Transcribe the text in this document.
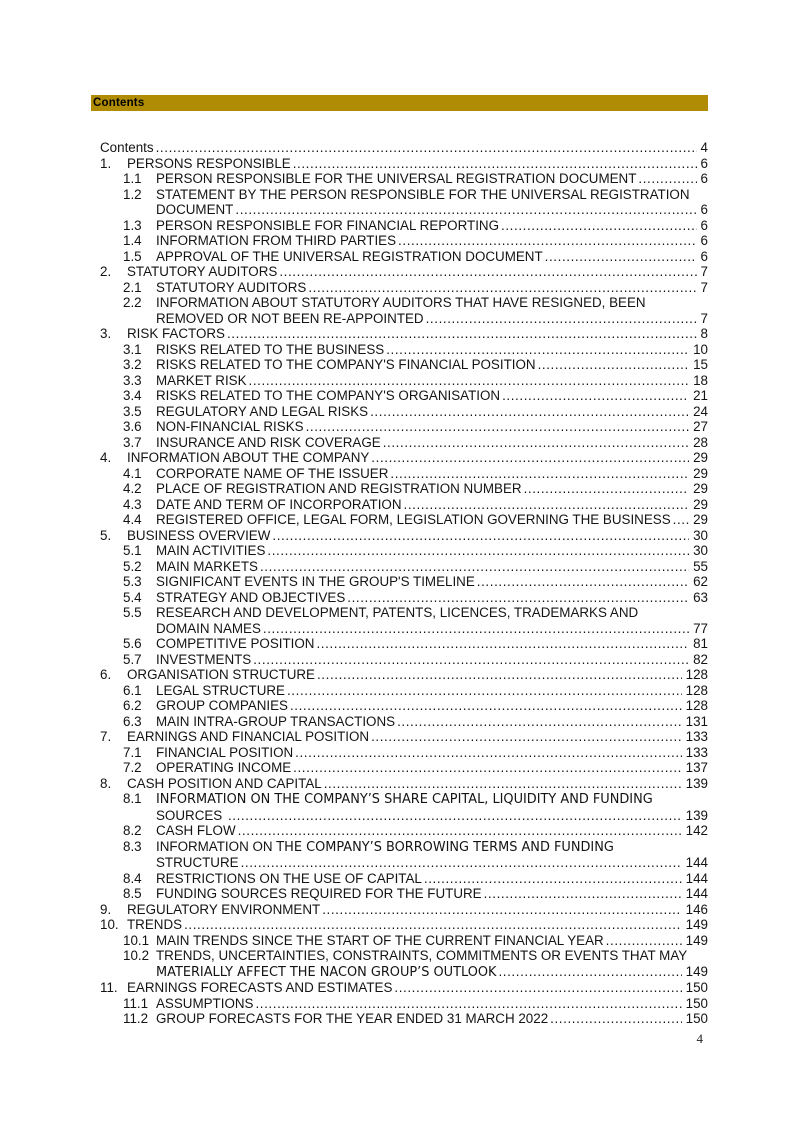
Contents
Contents .....	4
1.	PERSONS RESPONSIBLE .....	6
1.1	PERSON RESPONSIBLE FOR THE UNIVERSAL REGISTRATION DOCUMENT .....	6
1.2	STATEMENT BY THE PERSON RESPONSIBLE FOR THE UNIVERSAL REGISTRATION
DOCUMENT .....	6
1.3	PERSON RESPONSIBLE FOR FINANCIAL REPORTING .....	6
1.4	INFORMATION FROM THIRD PARTIES .....	6
1.5	APPROVAL OF THE UNIVERSAL REGISTRATION DOCUMENT .....	6
2.	STATUTORY AUDITORS .....	7
2.1	STATUTORY AUDITORS .....	7
2.2	INFORMATION ABOUT STATUTORY AUDITORS THAT HAVE RESIGNED, BEEN
REMOVED OR NOT BEEN RE-APPOINTED .....	7
3.	RISK FACTORS .....	8
3.1	RISKS RELATED TO THE BUSINESS .....	10
3.2	RISKS RELATED TO THE COMPANY'S FINANCIAL POSITION .....	15
3.3	MARKET RISK .....	18
3.4	RISKS RELATED TO THE COMPANY'S ORGANISATION .....	21
3.5	REGULATORY AND LEGAL RISKS .....	24
3.6	NON-FINANCIAL RISKS .....	27
3.7	INSURANCE AND RISK COVERAGE .....	28
4.	INFORMATION ABOUT THE COMPANY .....	29
4.1	CORPORATE NAME OF THE ISSUER .....	29
4.2	PLACE OF REGISTRATION AND REGISTRATION NUMBER .....	29
4.3	DATE AND TERM OF INCORPORATION .....	29
4.4	REGISTERED OFFICE, LEGAL FORM, LEGISLATION GOVERNING THE BUSINESS ..... 29
5.	BUSINESS OVERVIEW .....	30
5.1	MAIN ACTIVITIES .....	30
5.2	MAIN MARKETS .....	55
5.3	SIGNIFICANT EVENTS IN THE GROUP'S TIMELINE .....	62
5.4	STRATEGY AND OBJECTIVES .....	63
5.5	RESEARCH AND DEVELOPMENT, PATENTS, LICENCES, TRADEMARKS AND
DOMAIN NAMES .....	77
5.6	COMPETITIVE POSITION .....	81
5.7	INVESTMENTS .....	82
6.	ORGANISATION STRUCTURE .....	128
6.1	LEGAL STRUCTURE .....	128
6.2	GROUP COMPANIES .....	128
6.3	MAIN INTRA-GROUP TRANSACTIONS .....	131
7.	EARNINGS AND FINANCIAL POSITION .....	133
7.1	FINANCIAL POSITION .....	133
7.2	OPERATING INCOME .....	137
8.	CASH POSITION AND CAPITAL .....	139
8.1	INFORMATION ON THE COMPANY’S SHARE CAPITAL, LIQUIDITY AND FUNDING
SOURCES .....	139
8.2	CASH FLOW .....	142
8.3	INFORMATION ON THE COMPANY’S BORROWING TERMS AND FUNDING
STRUCTURE .....	144
8.4	RESTRICTIONS ON THE USE OF CAPITAL .....	144
8.5	FUNDING SOURCES REQUIRED FOR THE FUTURE .....	144
9.	REGULATORY ENVIRONMENT .....	146
10. TRENDS .....	149
10.1 MAIN TRENDS SINCE THE START OF THE CURRENT FINANCIAL YEAR .....	149
10.2 TRENDS, UNCERTAINTIES, CONSTRAINTS, COMMITMENTS OR EVENTS THAT MAY
MATERIALLY AFFECT THE NACON GROUP’S OUTLOOK .....	149
11. EARNINGS FORECASTS AND ESTIMATES .....	150
11.1 ASSUMPTIONS .....	150
11.2 GROUP FORECASTS FOR THE YEAR ENDED 31 MARCH 2022 .....	150
4
